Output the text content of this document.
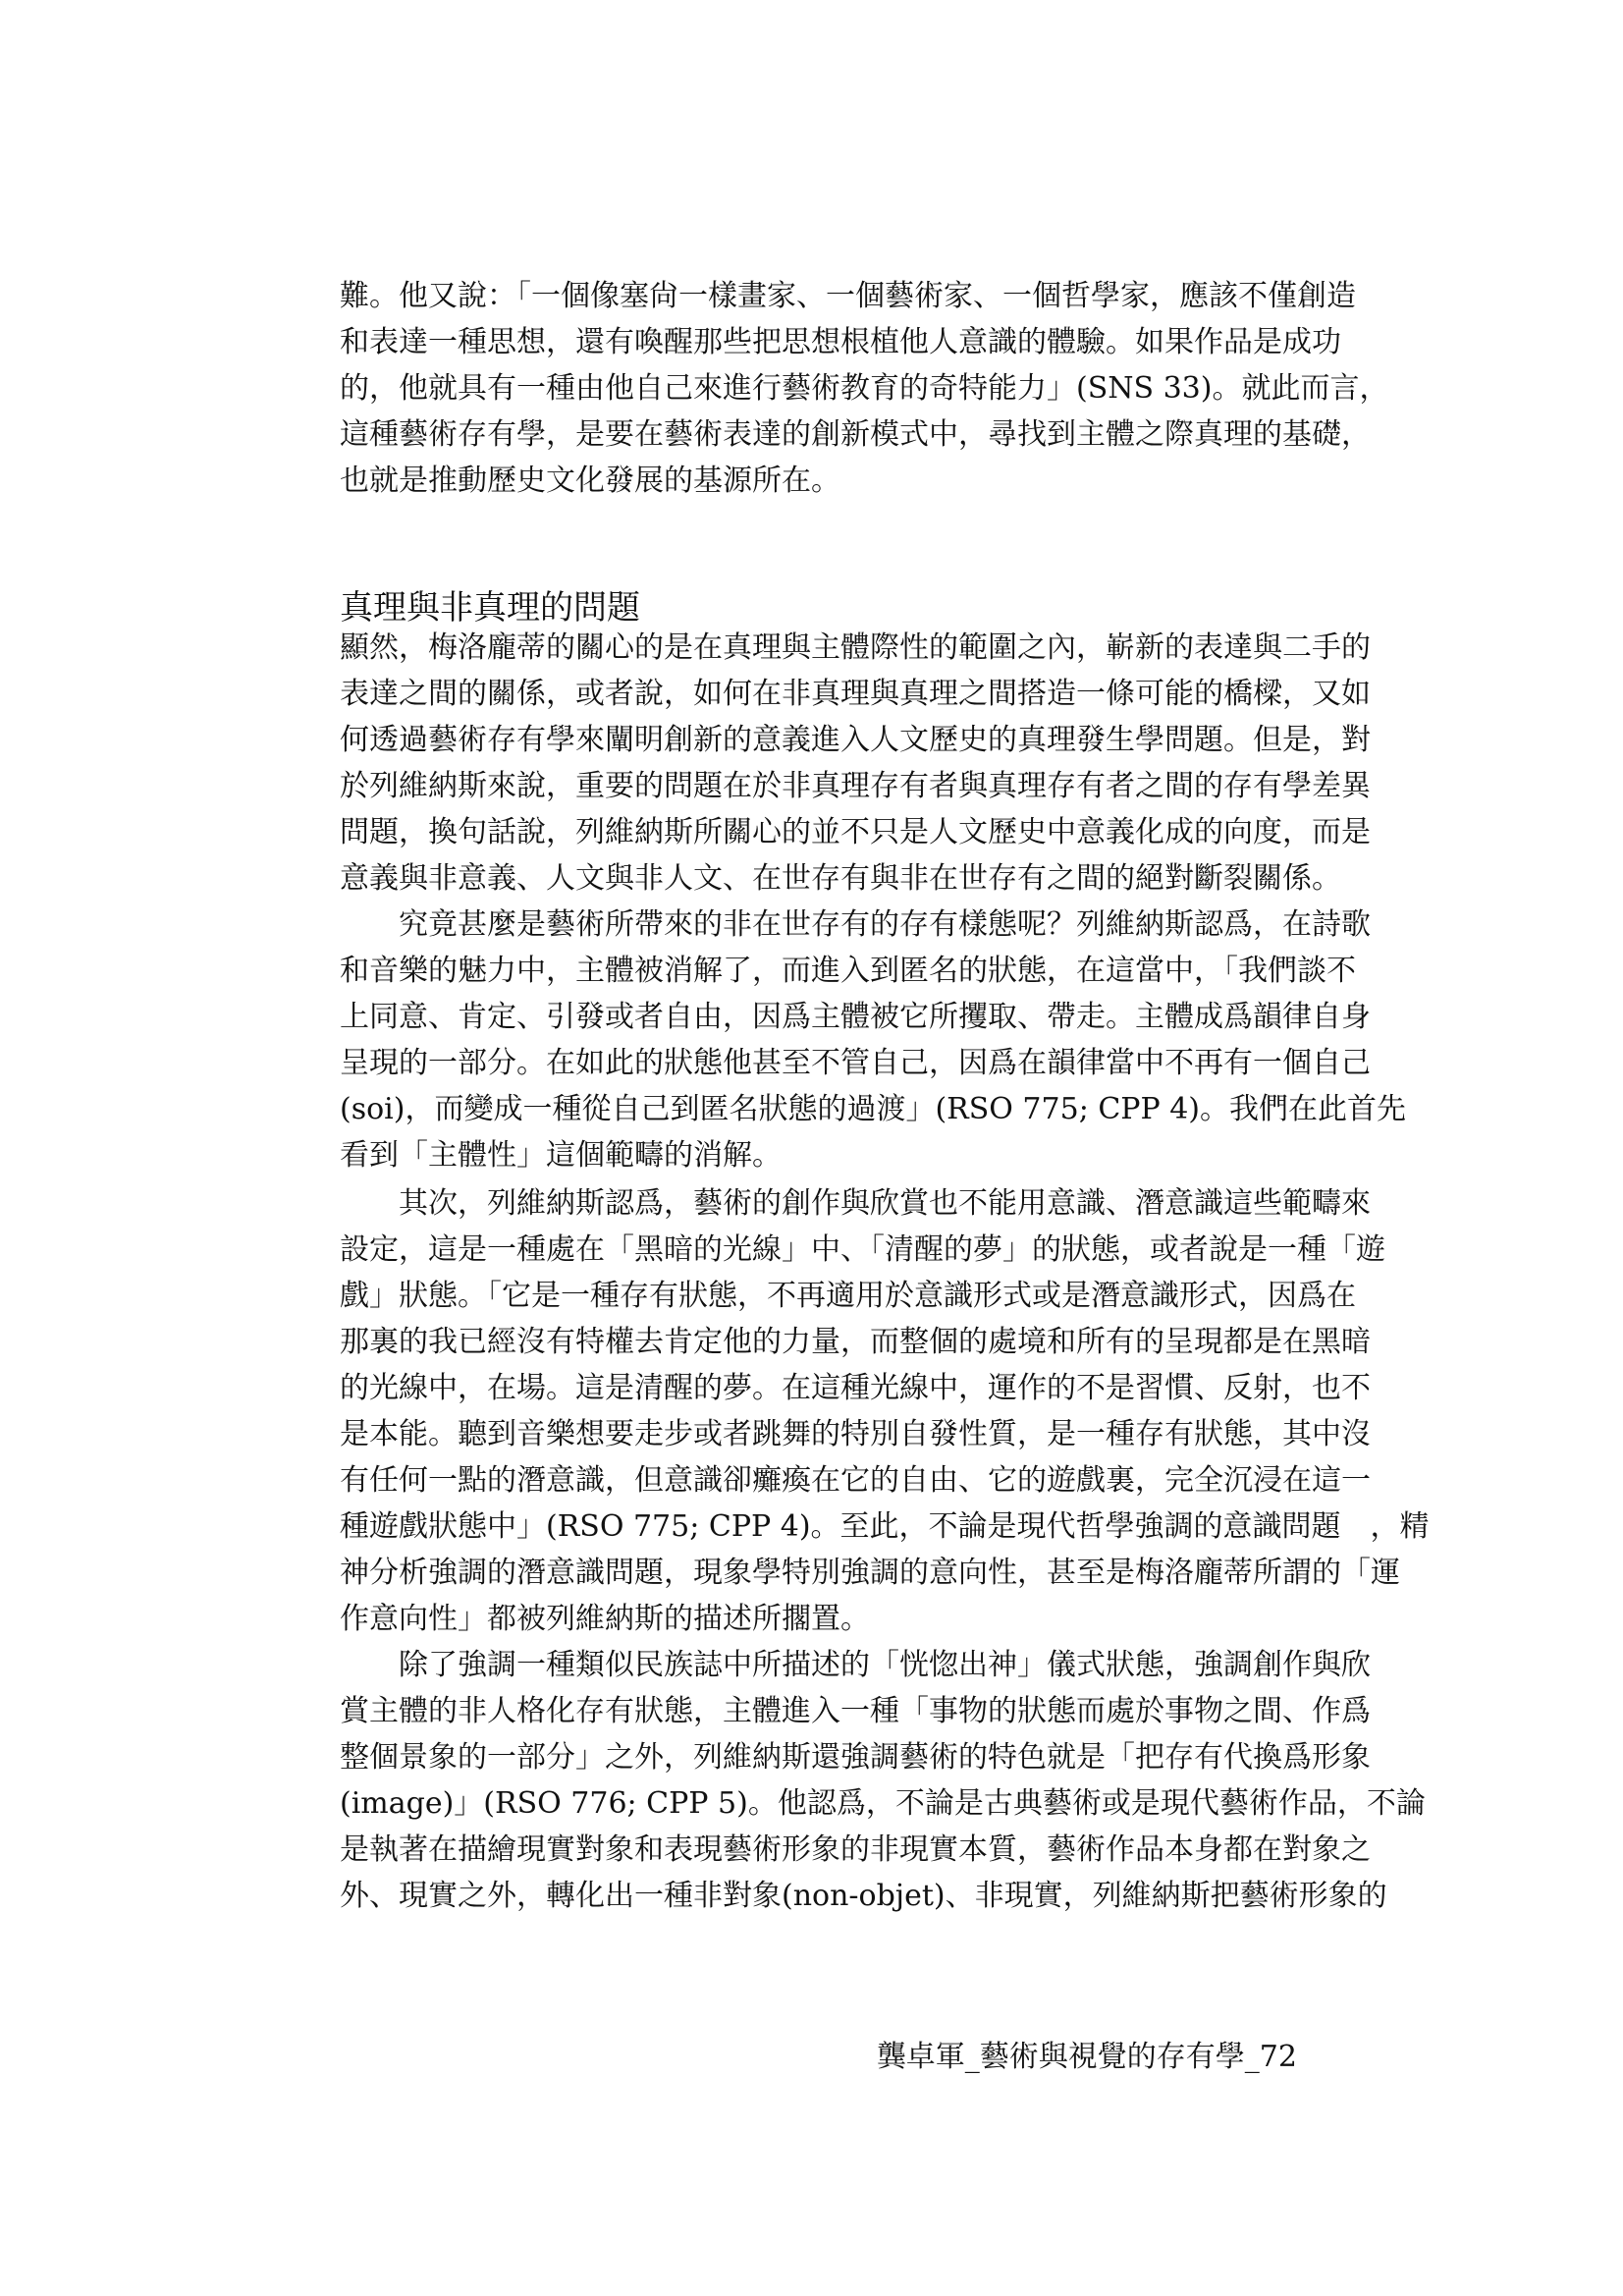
難。他又說：「一個像塞尙一樣畫家、一個藝術家、一個哲學家，應該不僅創造
和表達一種思想，還有喚醒那些把思想根植他人意識的體驗。如果作品是成功
的，他就具有一種由他自己來進行藝術教育的奇特能力」(SNS 33)。就此而言，
這種藝術存有學，是要在藝術表達的創新模式中，尋找到主體之際真理的基礎，
也就是推動歷史文化發展的基源所在。
真理與非真理的問題
顯然，梅洛龐蒂的關心的是在真理與主體際性的範圍之內，嶄新的表達與二手的
表達之間的關係，或者說，如何在非真理與真理之間搭造一條可能的橋樑，又如
何透過藝術存有學來闡明創新的意義進入人文歷史的真理發生學問題。但是，對
於列維納斯來說，重要的問題在於非真理存有者與真理存有者之間的存有學差異
問題，換句話說，列維納斯所關心的並不只是人文歷史中意義化成的向度，而是
意義與非意義、人文與非人文、在世存有與非在世存有之間的絕對斷裂關係。
究竟甚麼是藝術所帶來的非在世存有的存有樣態呢？列維納斯認爲，在詩歌
和音樂的魅力中，主體被消解了，而進入到匿名的狀態，在這當中，「我們談不
上同意、肯定、引發或者自由，因爲主體被它所攫取、帶走。主體成爲韻律自身
呈現的一部分。在如此的狀態他甚至不管自己，因爲在韻律當中不再有一個自己
(soi)，而變成一種從自己到匿名狀態的過渡」(RSO 775; CPP 4)。我們在此首先
看到「主體性」這個範疇的消解。
其次，列維納斯認爲，藝術的創作與欣賞也不能用意識、潛意識這些範疇來
設定，這是一種處在「黑暗的光線」中、「清醒的夢」的狀態，或者說是一種「遊
戲」狀態。「它是一種存有狀態，不再適用於意識形式或是潛意識形式，因爲在
那裏的我已經沒有特權去肯定他的力量，而整個的處境和所有的呈現都是在黑暗
的光線中，在場。這是清醒的夢。在這種光線中，運作的不是習慣、反射，也不
是本能。聽到音樂想要走步或者跳舞的特別自發性質，是一種存有狀態，其中沒
有任何一點的潛意識，但意識卻癱瘓在它的自由、它的遊戲裏，完全沉浸在這一
種遊戲狀態中」(RSO 775; CPP 4)。至此，不論是現代哲學強調的意識問題　，精
神分析強調的潛意識問題，現象學特別強調的意向性，甚至是梅洛龐蒂所謂的「運
作意向性」都被列維納斯的描述所擱置。
除了強調一種類似民族誌中所描述的「恍惚出神」儀式狀態，強調創作與欣
賞主體的非人格化存有狀態，主體進入一種「事物的狀態而處於事物之間、作爲
整個景象的一部分」之外，列維納斯還強調藝術的特色就是「把存有代換爲形象
(image)」(RSO 776; CPP 5)。他認爲，不論是古典藝術或是現代藝術作品，不論
是執著在描繪現實對象和表現藝術形象的非現實本質，藝術作品本身都在對象之
外、現實之外，轉化出一種非對象(non-objet)、非現實，列維納斯把藝術形象的
龔卓軍_藝術與視覺的存有學_72
